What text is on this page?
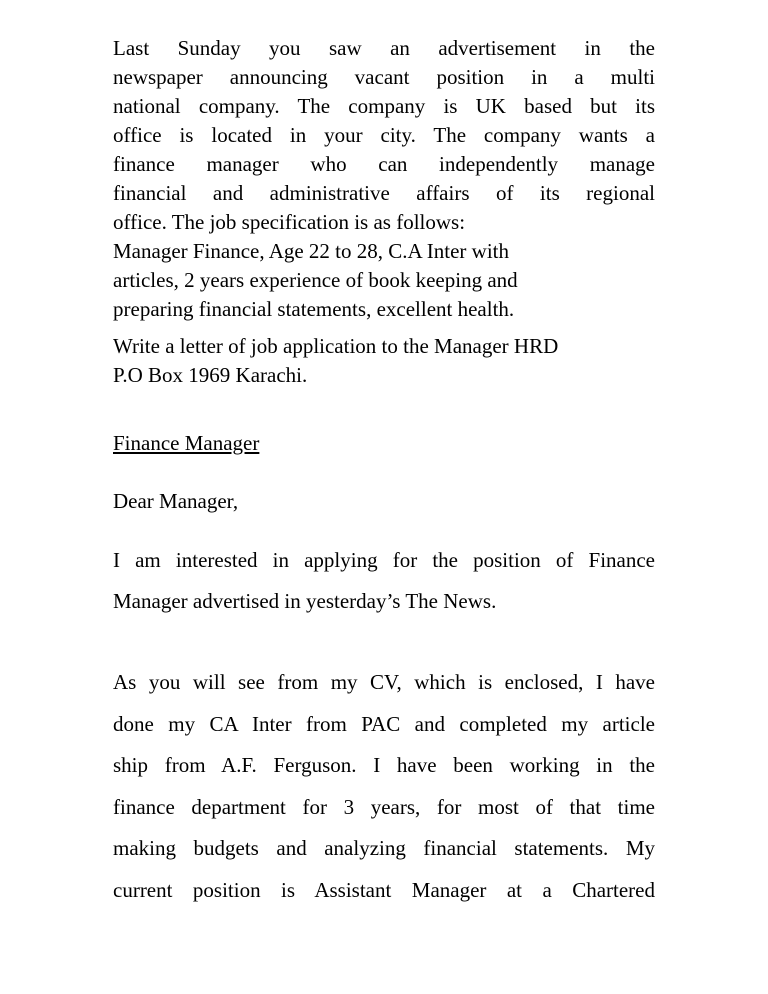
Last Sunday you saw an advertisement in the
newspaper announcing vacant position in a multi
national company. The company is UK based but its
office is located in your city. The company wants a
finance manager who can independently manage
financial and administrative affairs of its regional
office. The job specification is as follows:
Manager Finance, Age 22 to 28, C.A Inter with
articles, 2 years experience of book keeping and
preparing financial statements, excellent health.
Write a letter of job application to the Manager HRD
P.O Box 1969 Karachi.
Finance Manager
Dear Manager,
I am interested in applying for the position of Finance
Manager advertised in yesterday’s The News.
As you will see from my CV, which is enclosed, I have
done my CA Inter from PAC and completed my article
ship from A.F. Ferguson. I have been working in the
finance department for 3 years, for most of that time
making budgets and analyzing financial statements. My
current position is Assistant Manager at a Chartered
